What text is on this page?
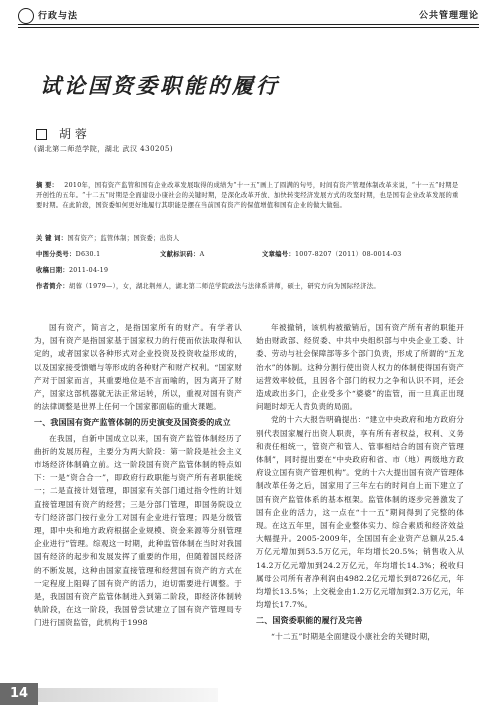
行政与法	公共管理理论
试论国资委职能的履行
胡 蓉
(湖北第二师范学院，湖北 武汉 430205)
摘 要： 2010年，国有资产监管和国有企业改革发展取得的成绩为“十一五”画上了圆满的句号，时间有资产管理体制改革来说，“十一五”时期是开创性的五年。“十二五”时期是全面建设小康社会的关键时期，是深化改革开放、加快转变经济发展方式的攻坚时期，也是国有企业改革发展的重要时期。在此阶段，国资委如何更好地履行其职能是摆在当前国有资产的保值增值和国有企业的做大做强。
关 键 词：国有资产；监管体制；国资委；出资人
中图分类号：D630.1	文献标识码：A	文章编号：1007-8207（2011）08-0014-03
收稿日期：2011-04-19
作者简介：胡蓉（1979—），女，湖北荆州人，湖北第二师范学院政法与法律系讲师，硕士，研究方向为国际经济法。

国有资产，简言之，是指国家所有的财产。有学者认为，国有资产是指国家基于国家权力的行使而依法取得和认定的，或者国家以各种形式对企业投资及投资收益形成的，以及国家接受馈赠与等形成的各种财产和财产权利。“国家财产对于国家而言，其重要地位是不言而喻的，因为离开了财产，国家这部机器就无法正常运转，所以，重视对国有资产的法律调整是世界上任何一个国家都面临的重大课题。

一、我国国有资产监管体制的历史演变及国资委的成立

在我国，自新中国成立以来，国有资产监管体制经历了曲折的发展历程，主要分为两大阶段：第一阶段是社会主义市场经济体制确立前。这一阶段国有资产监管体制的特点如下：一是“资合合一”，即政府行政职能与资产所有者职能统一；二是直接计划管理，即国家有关部门通过指令性的计划直接管理国有资产的经营；三是分部门管理，即国务院设立专门经济部门按行业分工对国有企业进行管理；四是分级管理，即中央和地方政府根据企业规模、资金来源等分别管理企业进行”管理。综观这一时期，此种监管体制在当时对我国国有经济的起步和发展发挥了重要的作用，但随着国民经济的不断发展，这种由国家直接管理和经营国有资产的方式在一定程度上阻碍了国有资产的活力，迫切需要进行调整。于是，我国国有资产监管体制进入到第二阶段，即经济体制转轨阶段，在这一阶段，我国曾尝试建立了国有资产管理局专门进行国资监管，此机构于1998

年被撤销，该机构被撤销后，国有资产所有者的职能开始由财政部、经贸委、中共中央组织部与中央企业工委、计委、劳动与社会保障部等多个部门负责，形成了所谓的“五龙治水”的体制。这种分割行使出资人权力的体制使得国有资产运营效率较低，且因各个部门的权力之争和认识不同，还会造成政出多门，企业受多个“婆婆”的监管，而一旦真正出现问题时却无人肯负责的局面。

党的十六大报告明确提出：“建立中央政府和地方政府分别代表国家履行出资人职责，享有所有者权益，权利、义务和责任相统一，管资产和管人、管事相结合的国有资产管理体制”，同时提出要在“中央政府和省、市（地）两级地方政府设立国有资产管理机构”。党的十六大提出国有资产管理体制改革任务之后，国家用了三年左右的时间自上而下建立了国有资产监管体系的基本框架。监管体制的逐步完善激发了国有企业的活力，这一点在“十一五”期间得到了完整的体现。在这五年里，国有企业整体实力、综合素质和经济效益大幅提升。2005-2009年，全国国有企业资产总额从25.4万亿元增加到53.5万亿元，年均增长20.5%；销售收入从14.2万亿元增加到24.2万亿元，年均增长14.3%；税收归属母公司所有者净利润由4982.2亿元增长到8726亿元，年均增长13.5%；上交税金由1.2万亿元增加到2.3万亿元，年均增长17.7%。

二、国资委职能的履行及完善

“十二五”时期是全面建设小康社会的关键时期，

14
